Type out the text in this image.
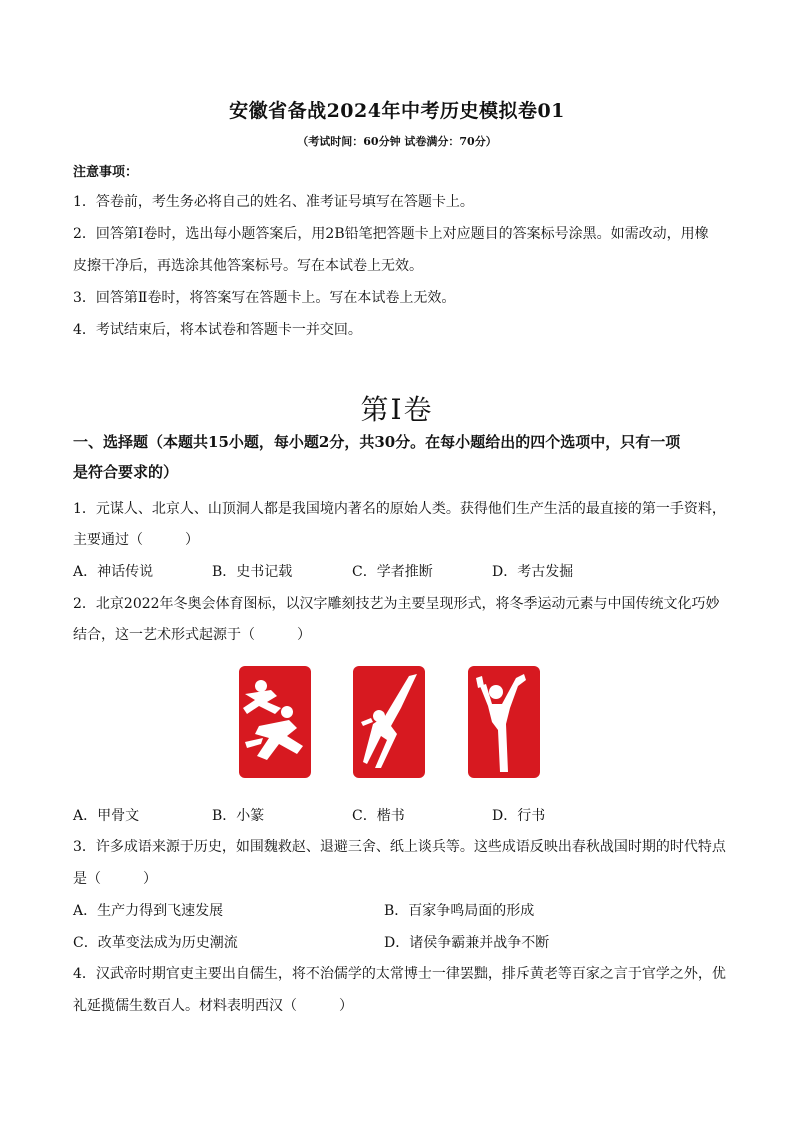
安徽省备战2024年中考历史模拟卷01
（考试时间：60分钟 试卷满分：70分）
注意事项：
1．答卷前，考生务必将自己的姓名、准考证号填写在答题卡上。
2．回答第Ⅰ卷时，选出每小题答案后，用2B铅笔把答题卡上对应题目的答案标号涂黑。如需改动，用橡
皮擦干净后，再选涂其他答案标号。写在本试卷上无效。
3．回答第Ⅱ卷时，将答案写在答题卡上。写在本试卷上无效。
4．考试结束后，将本试卷和答题卡一并交回。
第Ⅰ卷
一、选择题（本题共15小题，每小题2分，共30分。在每小题给出的四个选项中，只有一项
是符合要求的）
1．元谋人、北京人、山顶洞人都是我国境内著名的原始人类。获得他们生产生活的最直接的第一手资料，
主要通过（　　　）
A．神话传说	B．史书记载	C．学者推断	D．考古发掘
2．北京2022年冬奥会体育图标，以汉字雕刻技艺为主要呈现形式，将冬季运动元素与中国传统文化巧妙
结合，这一艺术形式起源于（　　　）
A．甲骨文	B．小篆	C．楷书	D．行书
3．许多成语来源于历史，如围魏救赵、退避三舍、纸上谈兵等。这些成语反映出春秋战国时期的时代特点
是（　　　）
A．生产力得到飞速发展	B．百家争鸣局面的形成
C．改革变法成为历史潮流	D．诸侯争霸兼并战争不断
4．汉武帝时期官吏主要出自儒生，将不治儒学的太常博士一律罢黜，排斥黄老等百家之言于官学之外，优
礼延揽儒生数百人。材料表明西汉（　　　）
